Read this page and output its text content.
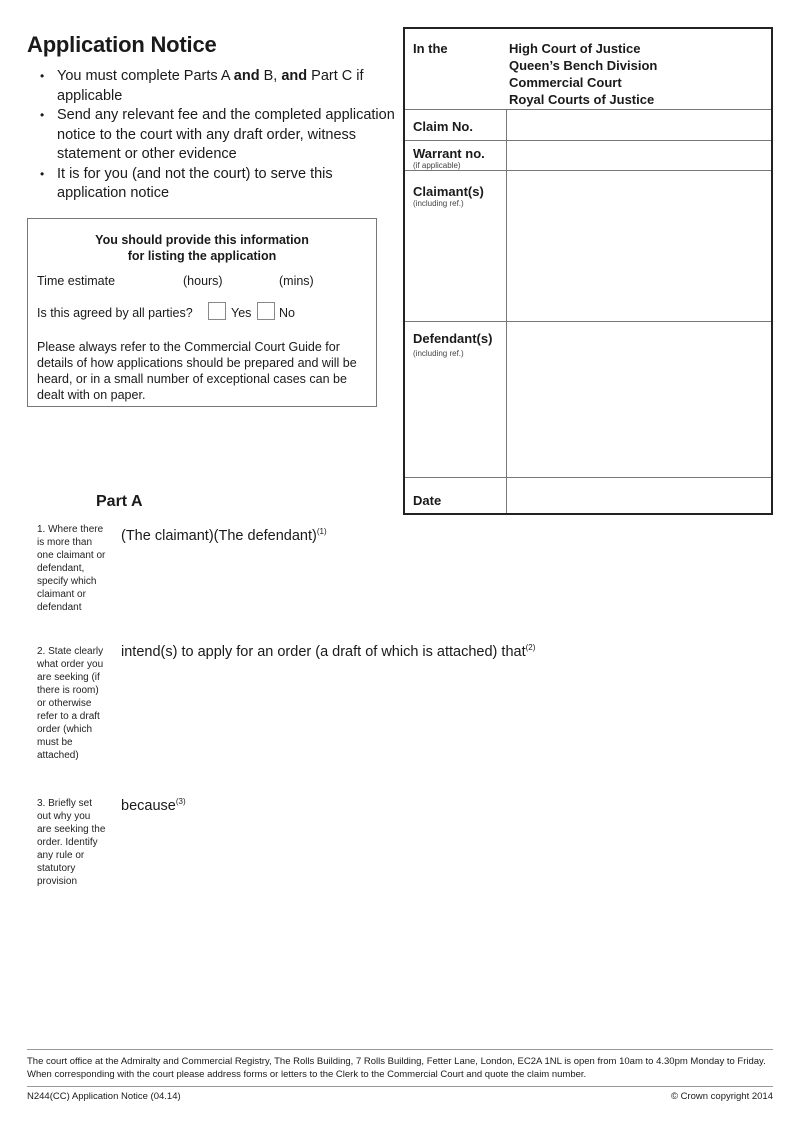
Application Notice
• You must complete Parts A and B, and Part C if applicable
• Send any relevant fee and the completed application notice to the court with any draft order, witness statement or other evidence
• It is for you (and not the court) to serve this application notice
You should provide this information
for listing the application
Time estimate	(hours)	(mins)
Is this agreed by all parties?	Yes No
Please always refer to the Commercial Court Guide for details of how applications should be prepared and will be heard, or in a small number of exceptional cases can be dealt with on paper.
In the	High Court of Justice
Queen’s Bench Division
Commercial Court
Royal Courts of Justice
Claim No.
Warrant no.
(if applicable)
Claimant(s)
(including ref.)
Defendant(s)
(including ref.)
Date
Part A
1. Where there is more than one claimant or defendant, specify which claimant or defendant
(The claimant)(The defendant)$^{(1)}$
2. State clearly what order you are seeking (if there is room) or otherwise refer to a draft order (which must be attached)
intend(s) to apply for an order (a draft of which is attached) that$^{(2)}$
3. Briefly set out why you are seeking the order. Identify any rule or statutory provision
because$^{(3)}$
The court office at the Admiralty and Commercial Registry, The Rolls Building, 7 Rolls Building, Fetter Lane, London, EC2A 1NL is open from 10am to 4.30pm Monday to Friday. When corresponding with the court please address forms or letters to the Clerk to the Commercial Court and quote the claim number.
N244(CC) Application Notice (04.14)	© Crown copyright 2014
